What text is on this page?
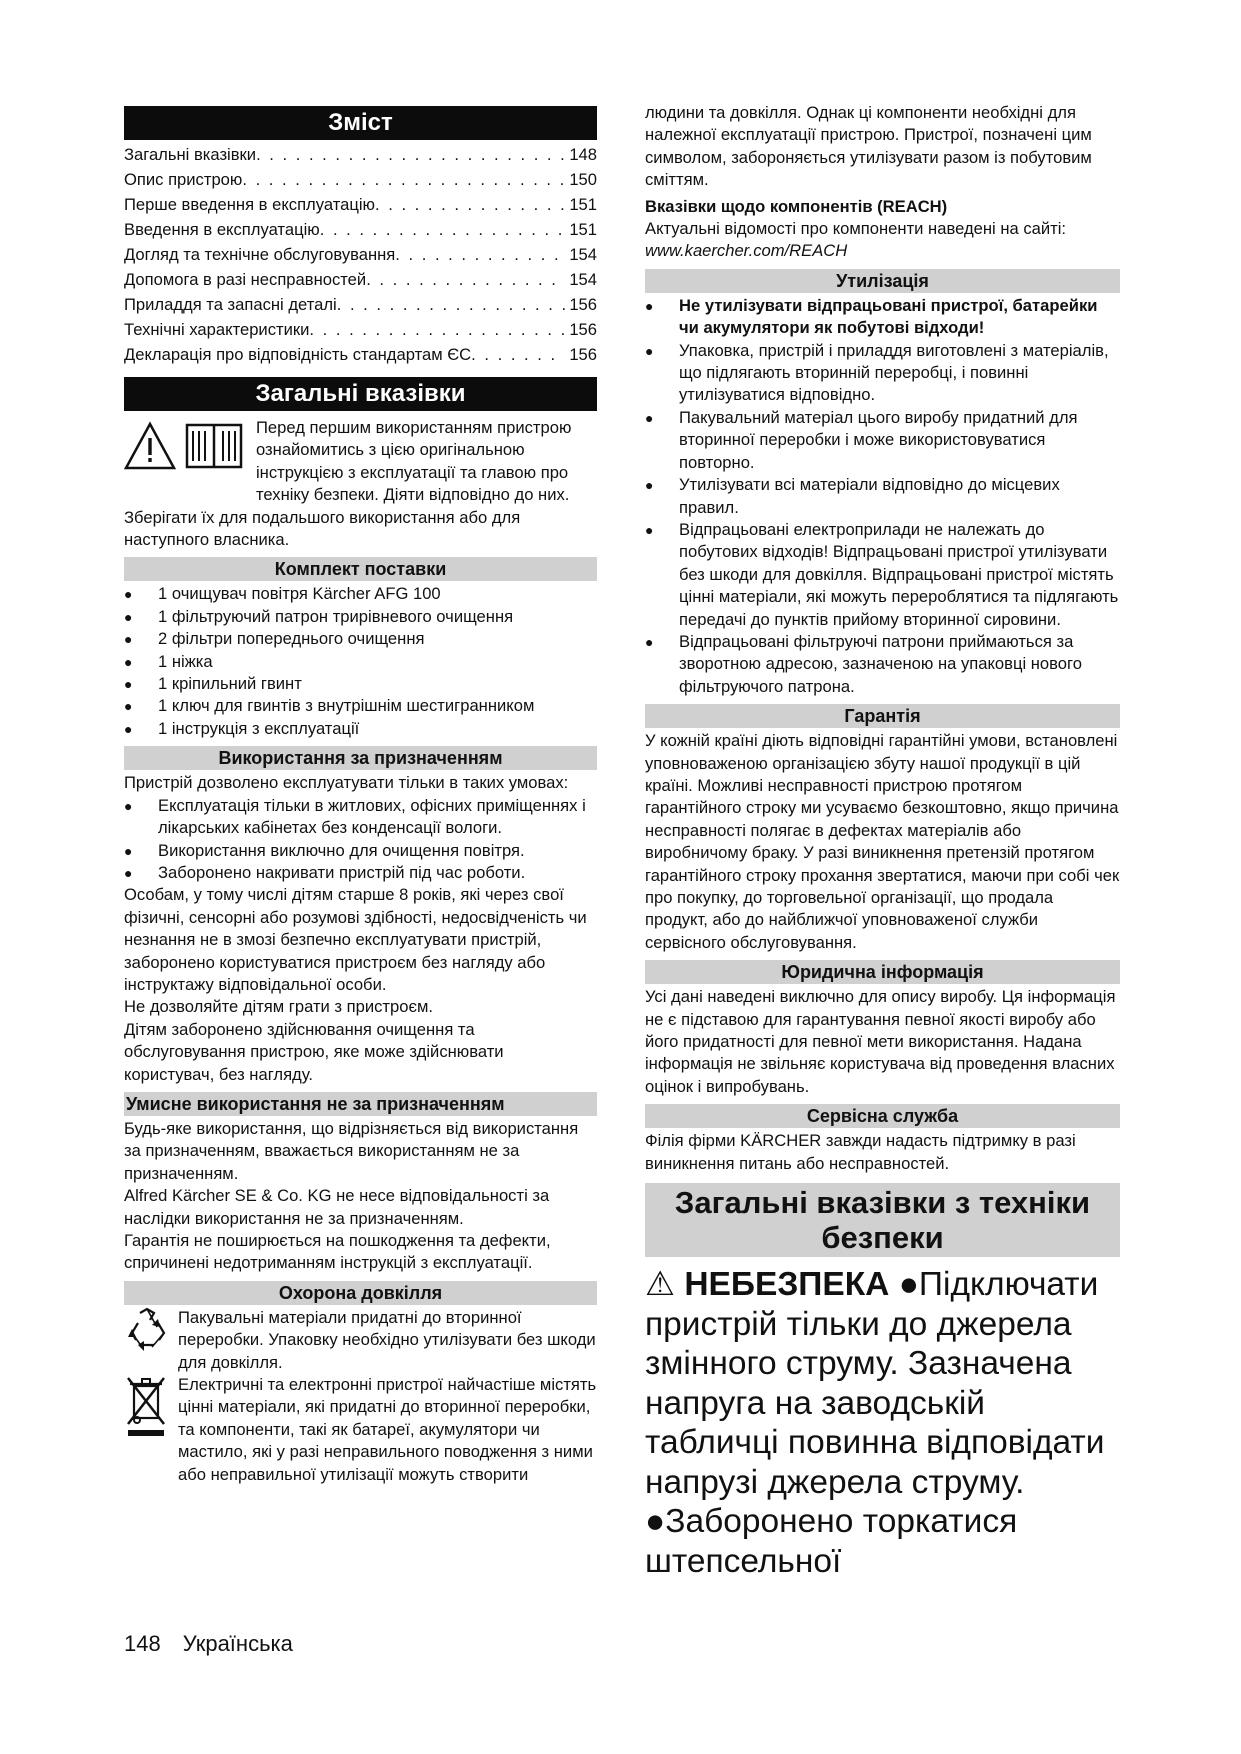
Зміст
Загальні вказівки . . .	148
Опис пристрою . . .	150
Перше введення в експлуатацію . . .	151
Введення в експлуатацію . . .	151
Догляд та технічне обслуговування . . .	154
Допомога в разі несправностей . . .	154
Приладдя та запасні деталі . . .	156
Технічні характеристики . . .	156
Декларація про відповідність стандартам ЄС . . .	156
Загальні вказівки

Перед першим використанням пристрою ознайомитись з цією оригінальною інструкцією з експлуатації та главою про техніку безпеки. Діяти відповідно до них.

Зберігати їх для подальшого використання або для наступного власника.

Комплект поставки
● 1 очищувач повітря Kärcher AFG 100
● 1 фільтруючий патрон трирівневого очищення
● 2 фільтри попереднього очищення
● 1 ніжка
● 1 кріпильний гвинт
● 1 ключ для гвинтів з внутрішнім шестигранником
● 1 інструкція з експлуатації
Використання за призначенням

Пристрій дозволено експлуатувати тільки в таких умовах:

● Експлуатація тільки в житлових, офісних приміщеннях і лікарських кабінетах без конденсації вологи.
● Використання виключно для очищення повітря.
● Заборонено накривати пристрій під час роботи.

Особам, у тому числі дітям старше 8 років, які через свої фізичні, сенсорні або розумові здібності, недосвідченість чи незнання не в змозі безпечно експлуатувати пристрій, заборонено користуватися пристроєм без нагляду або інструктажу відповідальної особи.

Не дозволяйте дітям грати з пристроєм.

Дітям заборонено здійснювання очищення та обслуговування пристрою, яке може здійснювати користувач, без нагляду.

Умисне використання не за призначенням

Будь-яке використання, що відрізняється від використання за призначенням, вважається використанням не за призначенням.

Alfred Kärcher SE & Co. KG не несе відповідальності за наслідки використання не за призначенням.

Гарантія не поширюється на пошкодження та дефекти, спричинені недотриманням інструкцій з експлуатації.

Охорона довкілля

Пакувальні матеріали придатні до вторинної переробки. Упаковку необхідно утилізувати без шкоди для довкілля.

Електричні та електронні пристрої найчастіше містять цінні матеріали, які придатні до вторинної переробки, та компоненти, такі як батареї, акумулятори чи мастило, які у разі неправильного поводження з ними або неправильної утилізації можуть створити

людини та довкілля. Однак ці компоненти необхідні для належної експлуатації пристрою. Пристрої, позначені цим символом, забороняється утилізувати разом із побутовим сміттям.

Вказівки щодо компонентів (REACH)

Актуальні відомості про компоненти наведені на сайті: www.kaercher.com/REACH

Утилізація
● Не утилізувати відпрацьовані пристрої, батарейки чи акумулятори як побутові відходи!
● Упаковка, пристрій і приладдя виготовлені з матеріалів, що підлягають вторинній переробці, і повинні утилізуватися відповідно.
● Пакувальний матеріал цього виробу придатний для вторинної переробки і може використовуватися повторно.
● Утилізувати всі матеріали відповідно до місцевих правил.
● Відпрацьовані електроприлади не належать до побутових відходів! Відпрацьовані пристрої утилізувати без шкоди для довкілля. Відпрацьовані пристрої містять цінні матеріали, які можуть перероблятися та підлягають передачі до пунктів прийому вторинної сировини.
● Відпрацьовані фільтруючі патрони приймаються за зворотною адресою, зазначеною на упаковці нового фільтруючого патрона.
Гарантія

У кожній країні діють відповідні гарантійні умови, встановлені уповноваженою організацією збуту нашої продукції в цій країні. Можливі несправності пристрою протягом гарантійного строку ми усуваємо безкоштовно, якщо причина несправності полягає в дефектах матеріалів або виробничому браку. У разі виникнення претензій протягом гарантійного строку прохання звертатися, маючи при собі чек про покупку, до торговельної організації, що продала продукт, або до найближчої уповноваженої служби сервісного обслуговування.

Юридична інформація

Усі дані наведені виключно для опису виробу. Ця інформація не є підставою для гарантування певної якості виробу або його придатності для певної мети використання. Надана інформація не звільняє користувача від проведення власних оцінок і випробувань.

Сервісна служба

Філія фірми KÄRCHER завжди надасть підтримку в разі виникнення питань або несправностей.

Загальні вказівки з техніки безпеки

⚠ НЕБЕЗПЕКА ●Підключати пристрій тільки до джерела змінного струму. Зазначена напруга на заводській табличці повинна відповідати напрузі джерела струму. ●Заборонено торкатися штепсельної

148 Українська
